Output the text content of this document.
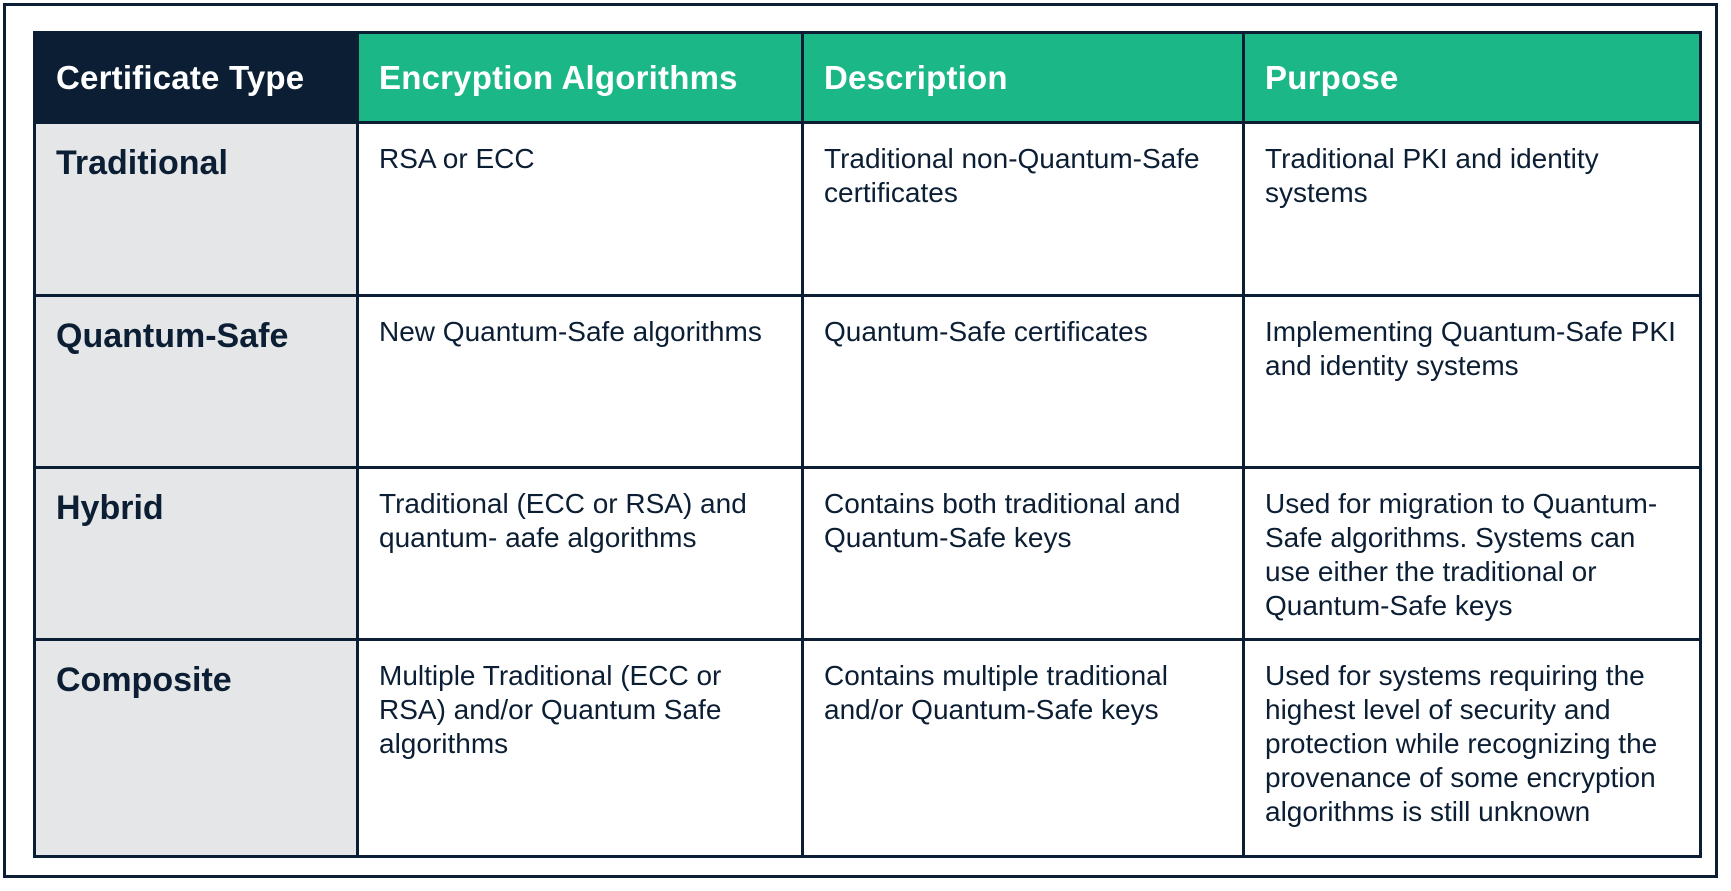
Certificate Type	Encryption Algorithms	Description	Purpose
Traditional	RSA or ECC	Traditional non-Quantum-Safe certificates	Traditional PKI and identity systems
Quantum-Safe	New Quantum-Safe algorithms	Quantum-Safe certificates	Implementing Quantum-Safe PKI and identity systems
Hybrid	Traditional (ECC or RSA) and quantum- aafe algorithms	Contains both traditional and Quantum-Safe keys	Used for migration to Quantum-Safe algorithms. Systems can use either the traditional or Quantum-Safe keys
Composite	Multiple Traditional (ECC or RSA) and/or Quantum Safe algorithms	Contains multiple traditional and/or Quantum-Safe keys	Used for systems requiring the highest level of security and protection while recognizing the provenance of some encryption algorithms is still unknown
